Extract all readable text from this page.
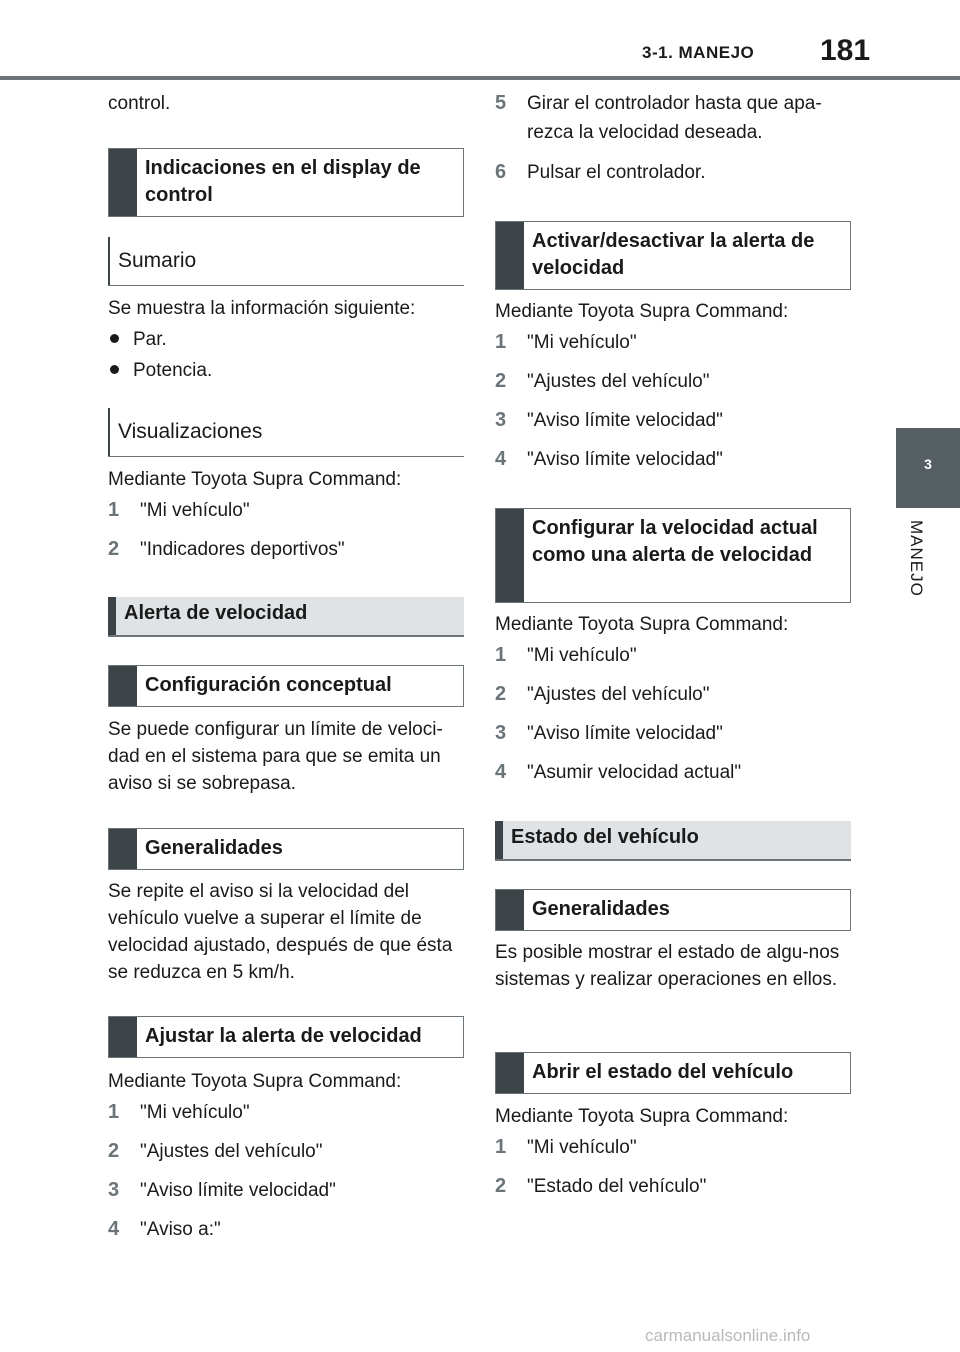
3-1. MANEJO 181
3
MANEJO

control.

Indicaciones en el display de control
Sumario

Se muestra la información siguiente:

Par.
Potencia.
Visualizaciones

Mediante Toyota Supra Command:

1 "Mi vehículo"
2 "Indicadores deportivos"
Alerta de velocidad
Configuración conceptual

Se puede configurar un límite de veloci-dad en el sistema para que se emita un aviso si se sobrepasa.

Generalidades

Se repite el aviso si la velocidad del vehículo vuelve a superar el límite de velocidad ajustado, después de que ésta se reduzca en 5 km/h.

Ajustar la alerta de velocidad

Mediante Toyota Supra Command:

1 "Mi vehículo"
2 "Ajustes del vehículo"
3 "Aviso límite velocidad"
4 "Aviso a:"
5 Girar el controlador hasta que apa-
rezca la velocidad deseada.
6 Pulsar el controlador.
Activar/desactivar la alerta de velocidad

Mediante Toyota Supra Command:

1 "Mi vehículo"
2 "Ajustes del vehículo"
3 "Aviso límite velocidad"
4 "Aviso límite velocidad"
Configurar la velocidad actual como una alerta de velocidad

Mediante Toyota Supra Command:

1 "Mi vehículo"
2 "Ajustes del vehículo"
3 "Aviso límite velocidad"
4 "Asumir velocidad actual"
Estado del vehículo
Generalidades

Es posible mostrar el estado de algu-nos sistemas y realizar operaciones en ellos.

Abrir el estado del vehículo

Mediante Toyota Supra Command:

1 "Mi vehículo"
2 "Estado del vehículo"
carmanualsonline.info
